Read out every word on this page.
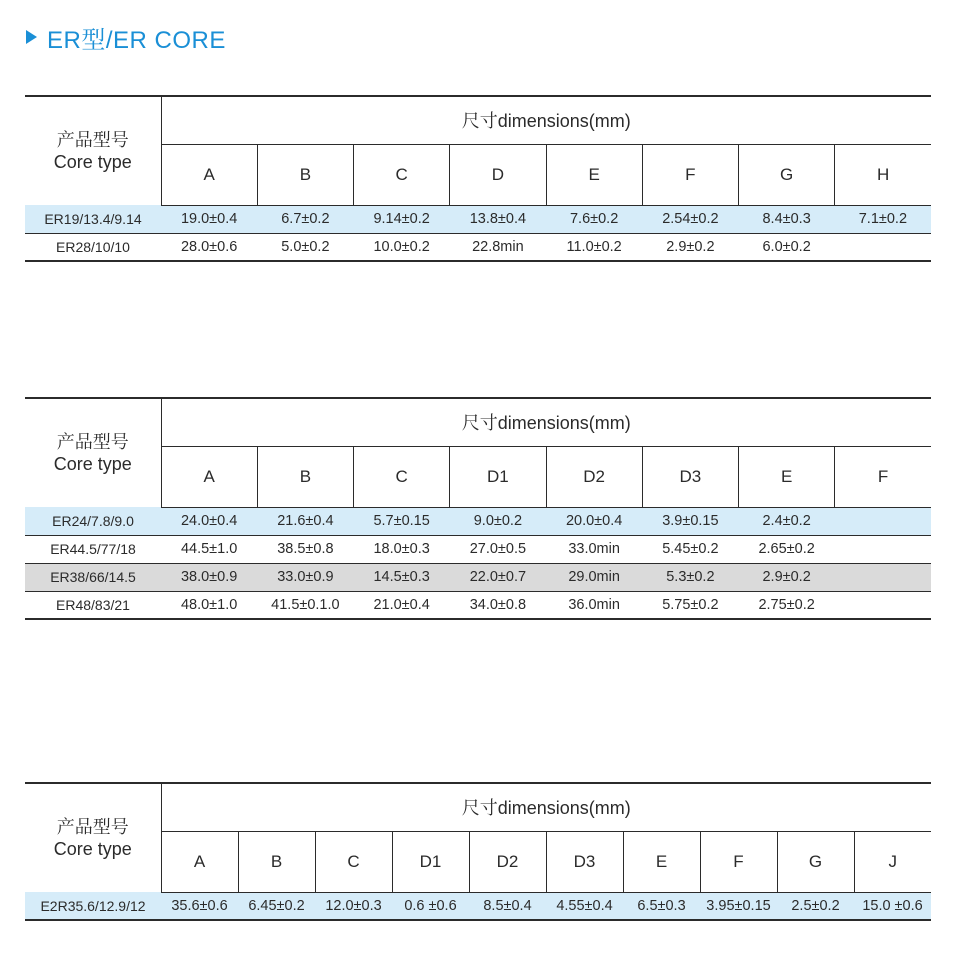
ER型/ER CORE
产品型号
Core type	尺寸dimensions(mm)							
	A	B	C	D	E	F	G	H
ER19/13.4/9.14	19.0±0.4	6.7±0.2	9.14±0.2	13.8±0.4	7.6±0.2	2.54±0.2	8.4±0.3	7.1±0.2
ER28/10/10	28.0±0.6	5.0±0.2	10.0±0.2	22.8min	11.0±0.2	2.9±0.2	6.0±0.2	
产品型号
Core type	尺寸dimensions(mm)							
	A	B	C	D1	D2	D3	E	F
ER24/7.8/9.0	24.0±0.4	21.6±0.4	5.7±0.15	9.0±0.2	20.0±0.4	3.9±0.15	2.4±0.2	
ER44.5/77/18	44.5±1.0	38.5±0.8	18.0±0.3	27.0±0.5	33.0min	5.45±0.2	2.65±0.2	
ER38/66/14.5	38.0±0.9	33.0±0.9	14.5±0.3	22.0±0.7	29.0min	5.3±0.2	2.9±0.2	
ER48/83/21	48.0±1.0	41.5±0.1.0	21.0±0.4	34.0±0.8	36.0min	5.75±0.2	2.75±0.2	
产品型号
Core type	尺寸dimensions(mm)									
	A	B	C	D1	D2	D3	E	F	G	J
E2R35.6/12.9/12	35.6±0.6	6.45±0.2	12.0±0.3	0.6 ±0.6	8.5±0.4	4.55±0.4	6.5±0.3	3.95±0.15	2.5±0.2	15.0 ±0.6
